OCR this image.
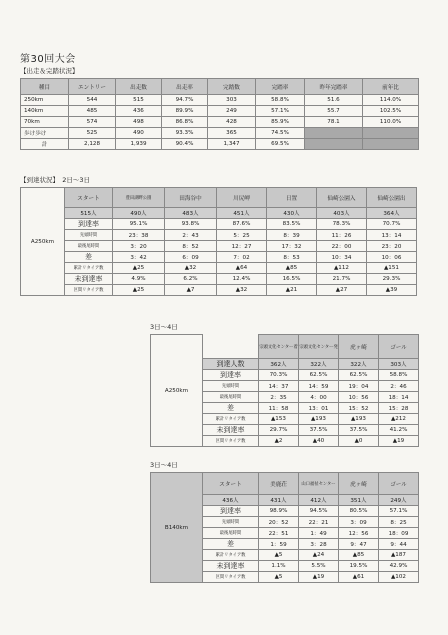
第30回大会
【出走＆完踏状況】
種目	エントリー	出走数	出走率	完踏数	完踏率	昨年完踏率	前年比
250km	544	515	94.7%	303	58.8%	51.6	114.0%
140km	485	436	89.9%	249	57.1%	55.7	102.5%
70km	574	498	86.8%	428	85.9%	78.1	110.0%
歩け歩け	525	490	93.3%	365	74.5%		
計	2,128	1,939	90.4%	1,347	69.5%		
【到達状況】　 2日～3日
A250km	スタート	豊田湖畔公園	田海谷中	川尻岬	日置	仙崎公園入	仙崎公園出
	515人	490人	483人	451人	430人	403人	364人
	到達率	95.1%	93.8%	87.6%	83.5%	78.3%	70.7%
	先頭時間	23：38	2：43	5：25	8：39	11：26	13：14
	最後尾時間	3：20	8：52	12：27	17：32	22：00	23：20
	差	3：42	6：09	7：02	8：53	10：34	10：06
	累計リタイア数	▲25	▲32	▲64	▲85	▲112	▲151
	未到達率	4.9%	6.2%	12.4%	16.5%	21.7%	29.3%
	区間リタイア数	▲25	▲7	▲32	▲21	▲27	▲39
3日～4日
A250km		宗頭文化センター着	宗頭文化センター発	虎ヶ崎	ゴール
	到達人数	362人	322人	322人	303人
	到達率	70.3%	62.5%	62.5%	58.8%
	先頭時間	14：37	14：59	19：04	2：46
	最後尾時間	2：35	4：00	10：56	18：14
	差	11：58	13：01	15：52	15：28
	累計リタイア数	▲153	▲193	▲193	▲212
	未到達率	29.7%	37.5%	37.5%	41.2%
	区間リタイア数	▲2	▲40	▲0	▲19
3日～4日
B140km	スタート	美鹿荘	山口福祉センター	虎ヶ崎	ゴール
	436人	431人	412人	351人	249人
	到達率	98.9%	94.5%	80.5%	57.1%
	先頭時間	20：52	22：21	3：09	8：25
	最後尾時間	22：51	1：49	12：56	18：09
	差	1：59	3：28	9：47	9：44
	累計リタイア数	▲5	▲24	▲85	▲187
	未到達率	1.1%	5.5%	19.5%	42.9%
	区間リタイア数	▲5	▲19	▲61	▲102
